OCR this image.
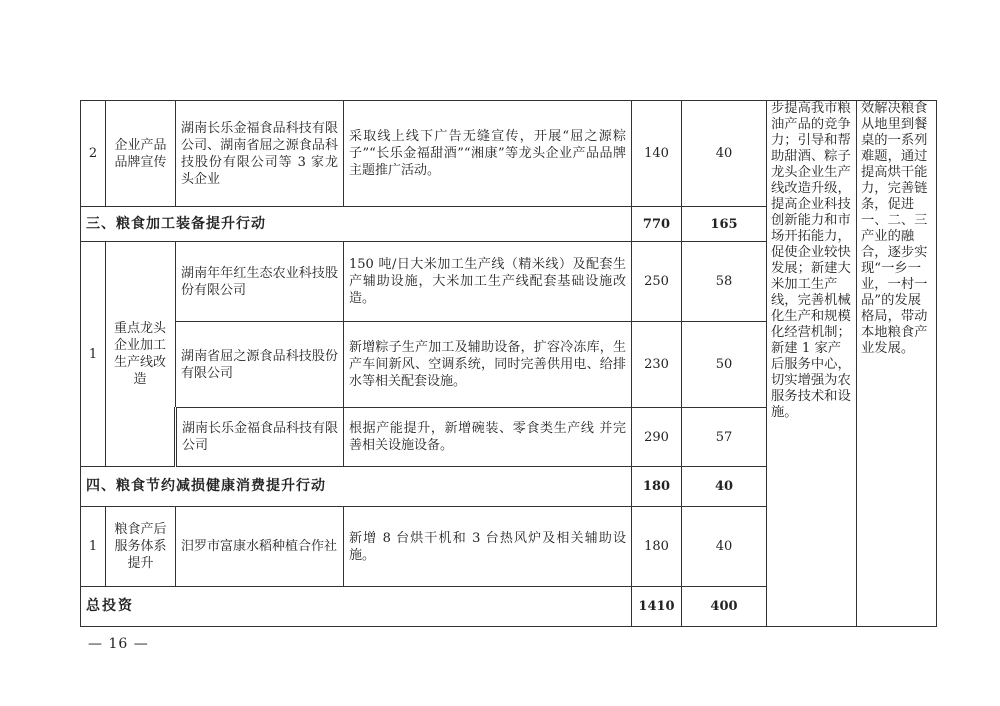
2	企业产品品牌宣传	湖南长乐金福食品科技有限公司、湖南省屈之源食品科技股份有限公司等 3 家龙头企业	采取线上线下广告无缝宣传，开展“屈之源粽子”“长乐金福甜酒”“湘康”等龙头企业产品品牌主题推广活动。	140	40	步提高我市粮油产品的竞争力；引导和帮助甜酒、粽子龙头企业生产线改造升级，提高企业科技创新能力和市场开拓能力，促使企业较快发展；新建大米加工生产线，完善机械化生产和规模化经营机制；新建 1 家产后服务中心，切实增强为农服务技术和设施。	效解决粮食从地里到餐桌的一系列难题，通过提高烘干能力，完善链条，促进一、二、三产业的融合，逐步实现“一乡一业，一村一品”的发展格局，带动本地粮食产业发展。
三、粮食加工装备提升行动				770	165		
1	重点龙头企业加工生产线改造	湖南年年红生态农业科技股份有限公司	150 吨/日大米加工生产线（精米线）及配套生产辅助设施，大米加工生产线配套基础设施改造。	250	58		
		湖南省屈之源食品科技股份有限公司	新增粽子生产加工及辅助设备，扩容冷冻库，生产车间新风、空调系统，同时完善供用电、给排水等相关配套设施。	230	50		
		湖南长乐金福食品科技有限公司	根据产能提升，新增碗装、零食类生产线 并完善相关设施设备。	290	57		
四、粮食节约减损健康消费提升行动				180	40		
1	粮食产后服务体系提升	汨罗市富康水稻种植合作社	新增 8 台烘干机和 3 台热风炉及相关辅助设施。	180	40		
总投资				1410	400		
— 16 —
